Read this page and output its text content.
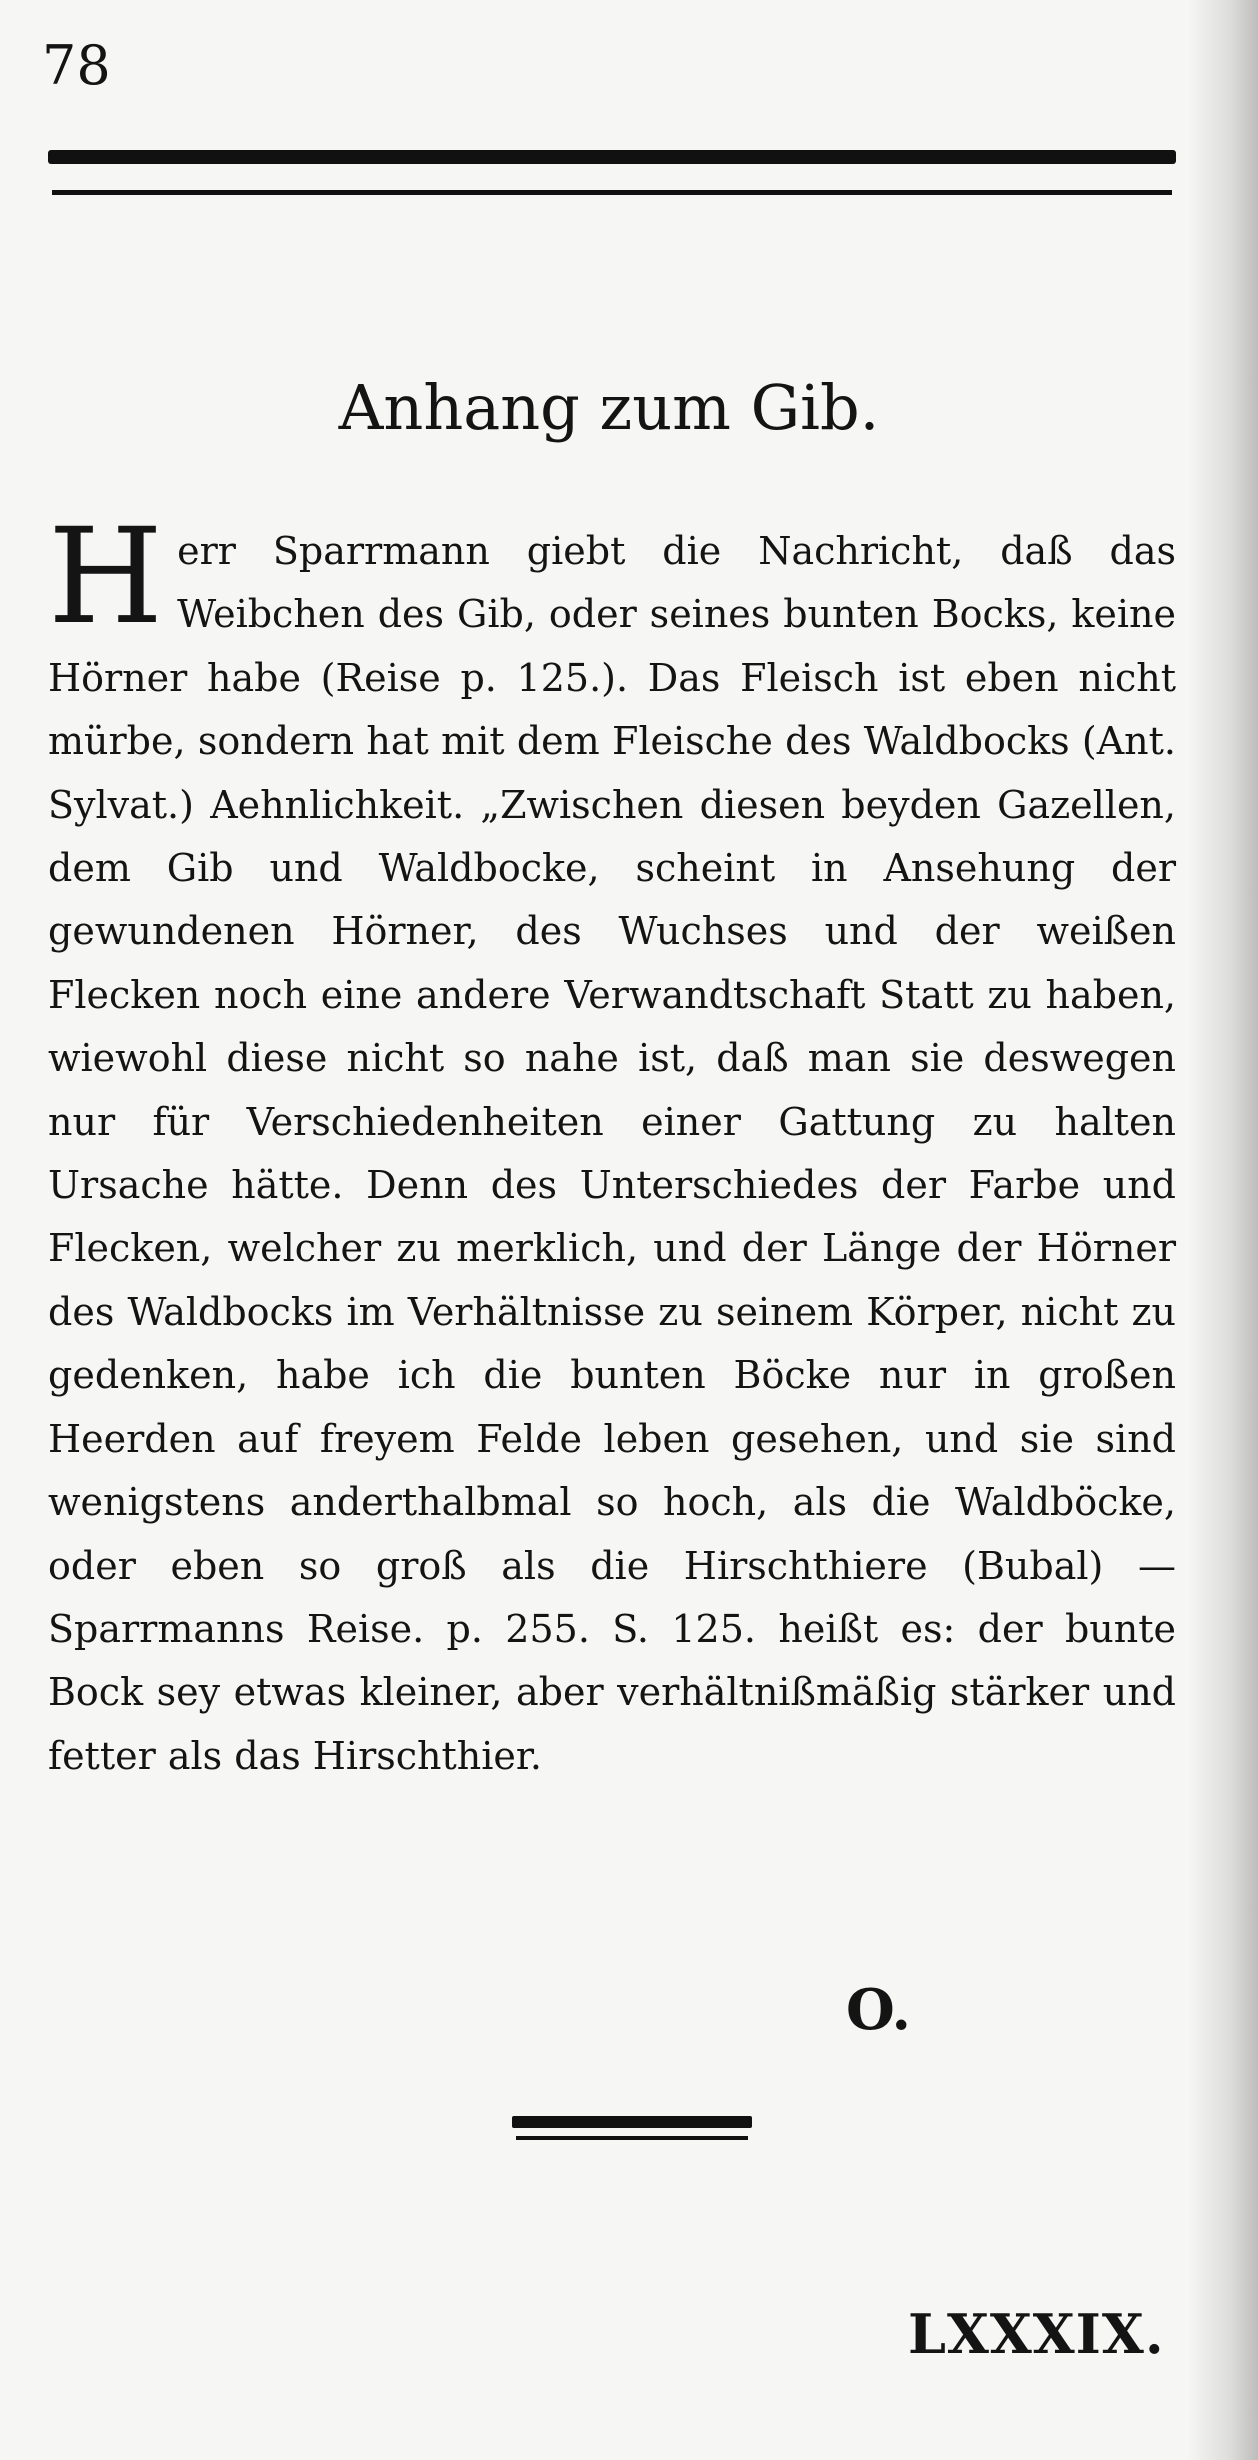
78
Anhang zum Gib.

Herr Sparrmann giebt die Nachricht, daß das Weibchen des Gib, oder seines bunten Bocks, keine Hörner habe (Reise p. 125.). Das Fleisch ist eben nicht mürbe, sondern hat mit dem Fleische des Waldbocks (Ant. Sylvat.) Aehnlichkeit. „Zwischen diesen beyden Gazellen, dem Gib und Waldbocke, scheint in Ansehung der gewundenen Hörner, des Wuchses und der weißen Flecken noch eine andere Verwandtschaft Statt zu haben, wiewohl diese nicht so nahe ist, daß man sie deswegen nur für Verschiedenheiten einer Gattung zu halten Ursache hätte. Denn des Unterschiedes der Farbe und Flecken, welcher zu merklich, und der Länge der Hörner des Waldbocks im Verhältnisse zu seinem Körper, nicht zu gedenken, habe ich die bunten Böcke nur in großen Heerden auf freyem Felde leben gesehen, und sie sind wenigstens anderthalbmal so hoch, als die Waldböcke, oder eben so groß als die Hirschthiere (Bubal) — Sparrmanns Reise. p. 255. S. 125. heißt es: der bunte Bock sey etwas kleiner, aber verhältnißmäßig stärker und fetter als das Hirschthier.

O.
LXXXIX.
